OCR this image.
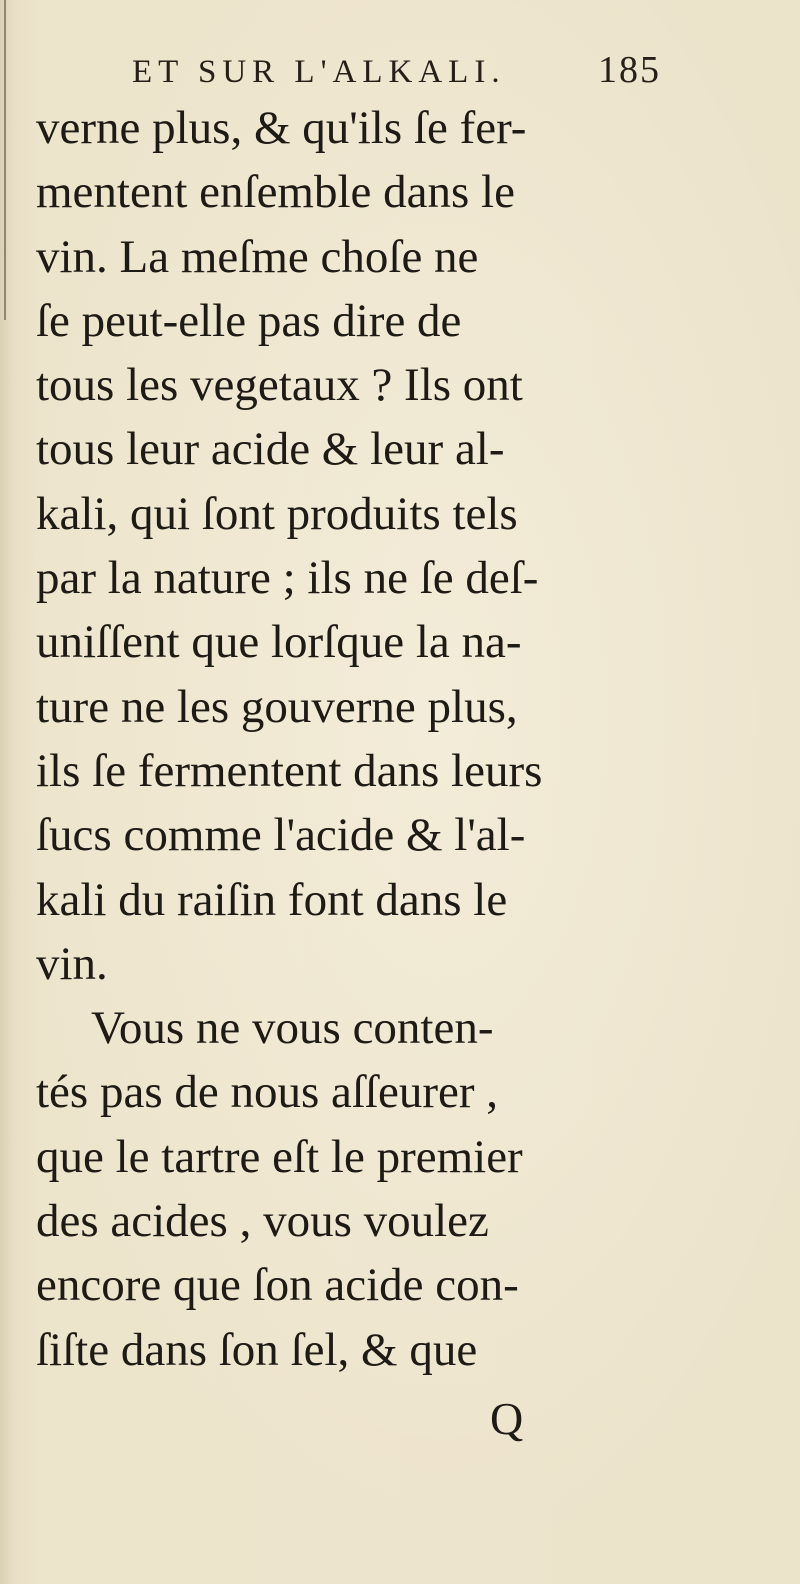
ET SUR L'ALKALI.	185
verne plus, & qu'ils ſe fer-
mentent enſemble dans le
vin. La meſme choſe ne
ſe peut-elle pas dire de
tous les vegetaux ? Ils ont
tous leur acide & leur al-
kali, qui ſont produits tels
par la nature ; ils ne ſe deſ-
uniſſent que lorſque la na-
ture ne les gouverne plus,
ils ſe fermentent dans leurs
ſucs comme l'acide & l'al-
kali du raiſin font dans le
vin.
Vous ne vous conten-
tés pas de nous aſſeurer ,
que le tartre eſt le premier
des acides , vous voulez
encore que ſon acide con-
ſiſte dans ſon ſel, & que
Q
